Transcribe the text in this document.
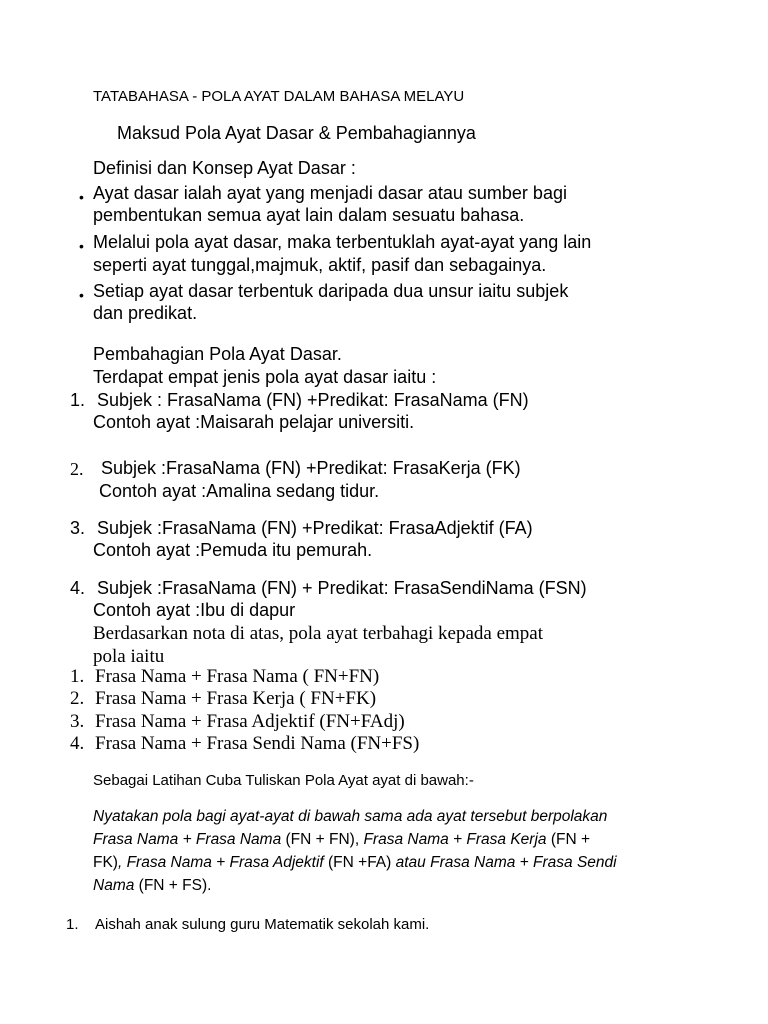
TATABAHASA - POLA AYAT DALAM BAHASA MELAYU
Maksud Pola Ayat Dasar & Pembahagiannya
Definisi dan Konsep Ayat Dasar :
• Ayat dasar ialah ayat yang menjadi dasar atau sumber bagi
pembentukan semua ayat lain dalam sesuatu bahasa.
• Melalui pola ayat dasar, maka terbentuklah ayat-ayat yang lain
seperti ayat tunggal,majmuk, aktif, pasif dan sebagainya.
• Setiap ayat dasar terbentuk daripada dua unsur iaitu subjek
dan predikat.
Pembahagian Pola Ayat Dasar.
Terdapat empat jenis pola ayat dasar iaitu :
1. Subjek : FrasaNama (FN) +Predikat: FrasaNama (FN)
Contoh ayat :Maisarah pelajar universiti.
2. Subjek :FrasaNama (FN) +Predikat: FrasaKerja (FK)
Contoh ayat :Amalina sedang tidur.
3. Subjek :FrasaNama (FN) +Predikat: FrasaAdjektif (FA)
Contoh ayat :Pemuda itu pemurah.
4. Subjek :FrasaNama (FN) + Predikat: FrasaSendiNama (FSN)
Contoh ayat :Ibu di dapur
Berdasarkan nota di atas, pola ayat terbahagi kepada empat
pola iaitu
1. Frasa Nama + Frasa Nama ( FN+FN)
2. Frasa Nama + Frasa Kerja ( FN+FK)
3. Frasa Nama + Frasa Adjektif (FN+FAdj)
4. Frasa Nama + Frasa Sendi Nama (FN+FS)
Sebagai Latihan Cuba Tuliskan Pola Ayat ayat di bawah:-
Nyatakan pola bagi ayat-ayat di bawah sama ada ayat tersebut berpolakan
Frasa Nama + Frasa Nama (FN + FN), Frasa Nama + Frasa Kerja (FN +
FK), Frasa Nama + Frasa Adjektif (FN +FA) atau Frasa Nama + Frasa Sendi
Nama (FN + FS).
1. Aishah anak sulung guru Matematik sekolah kami.
